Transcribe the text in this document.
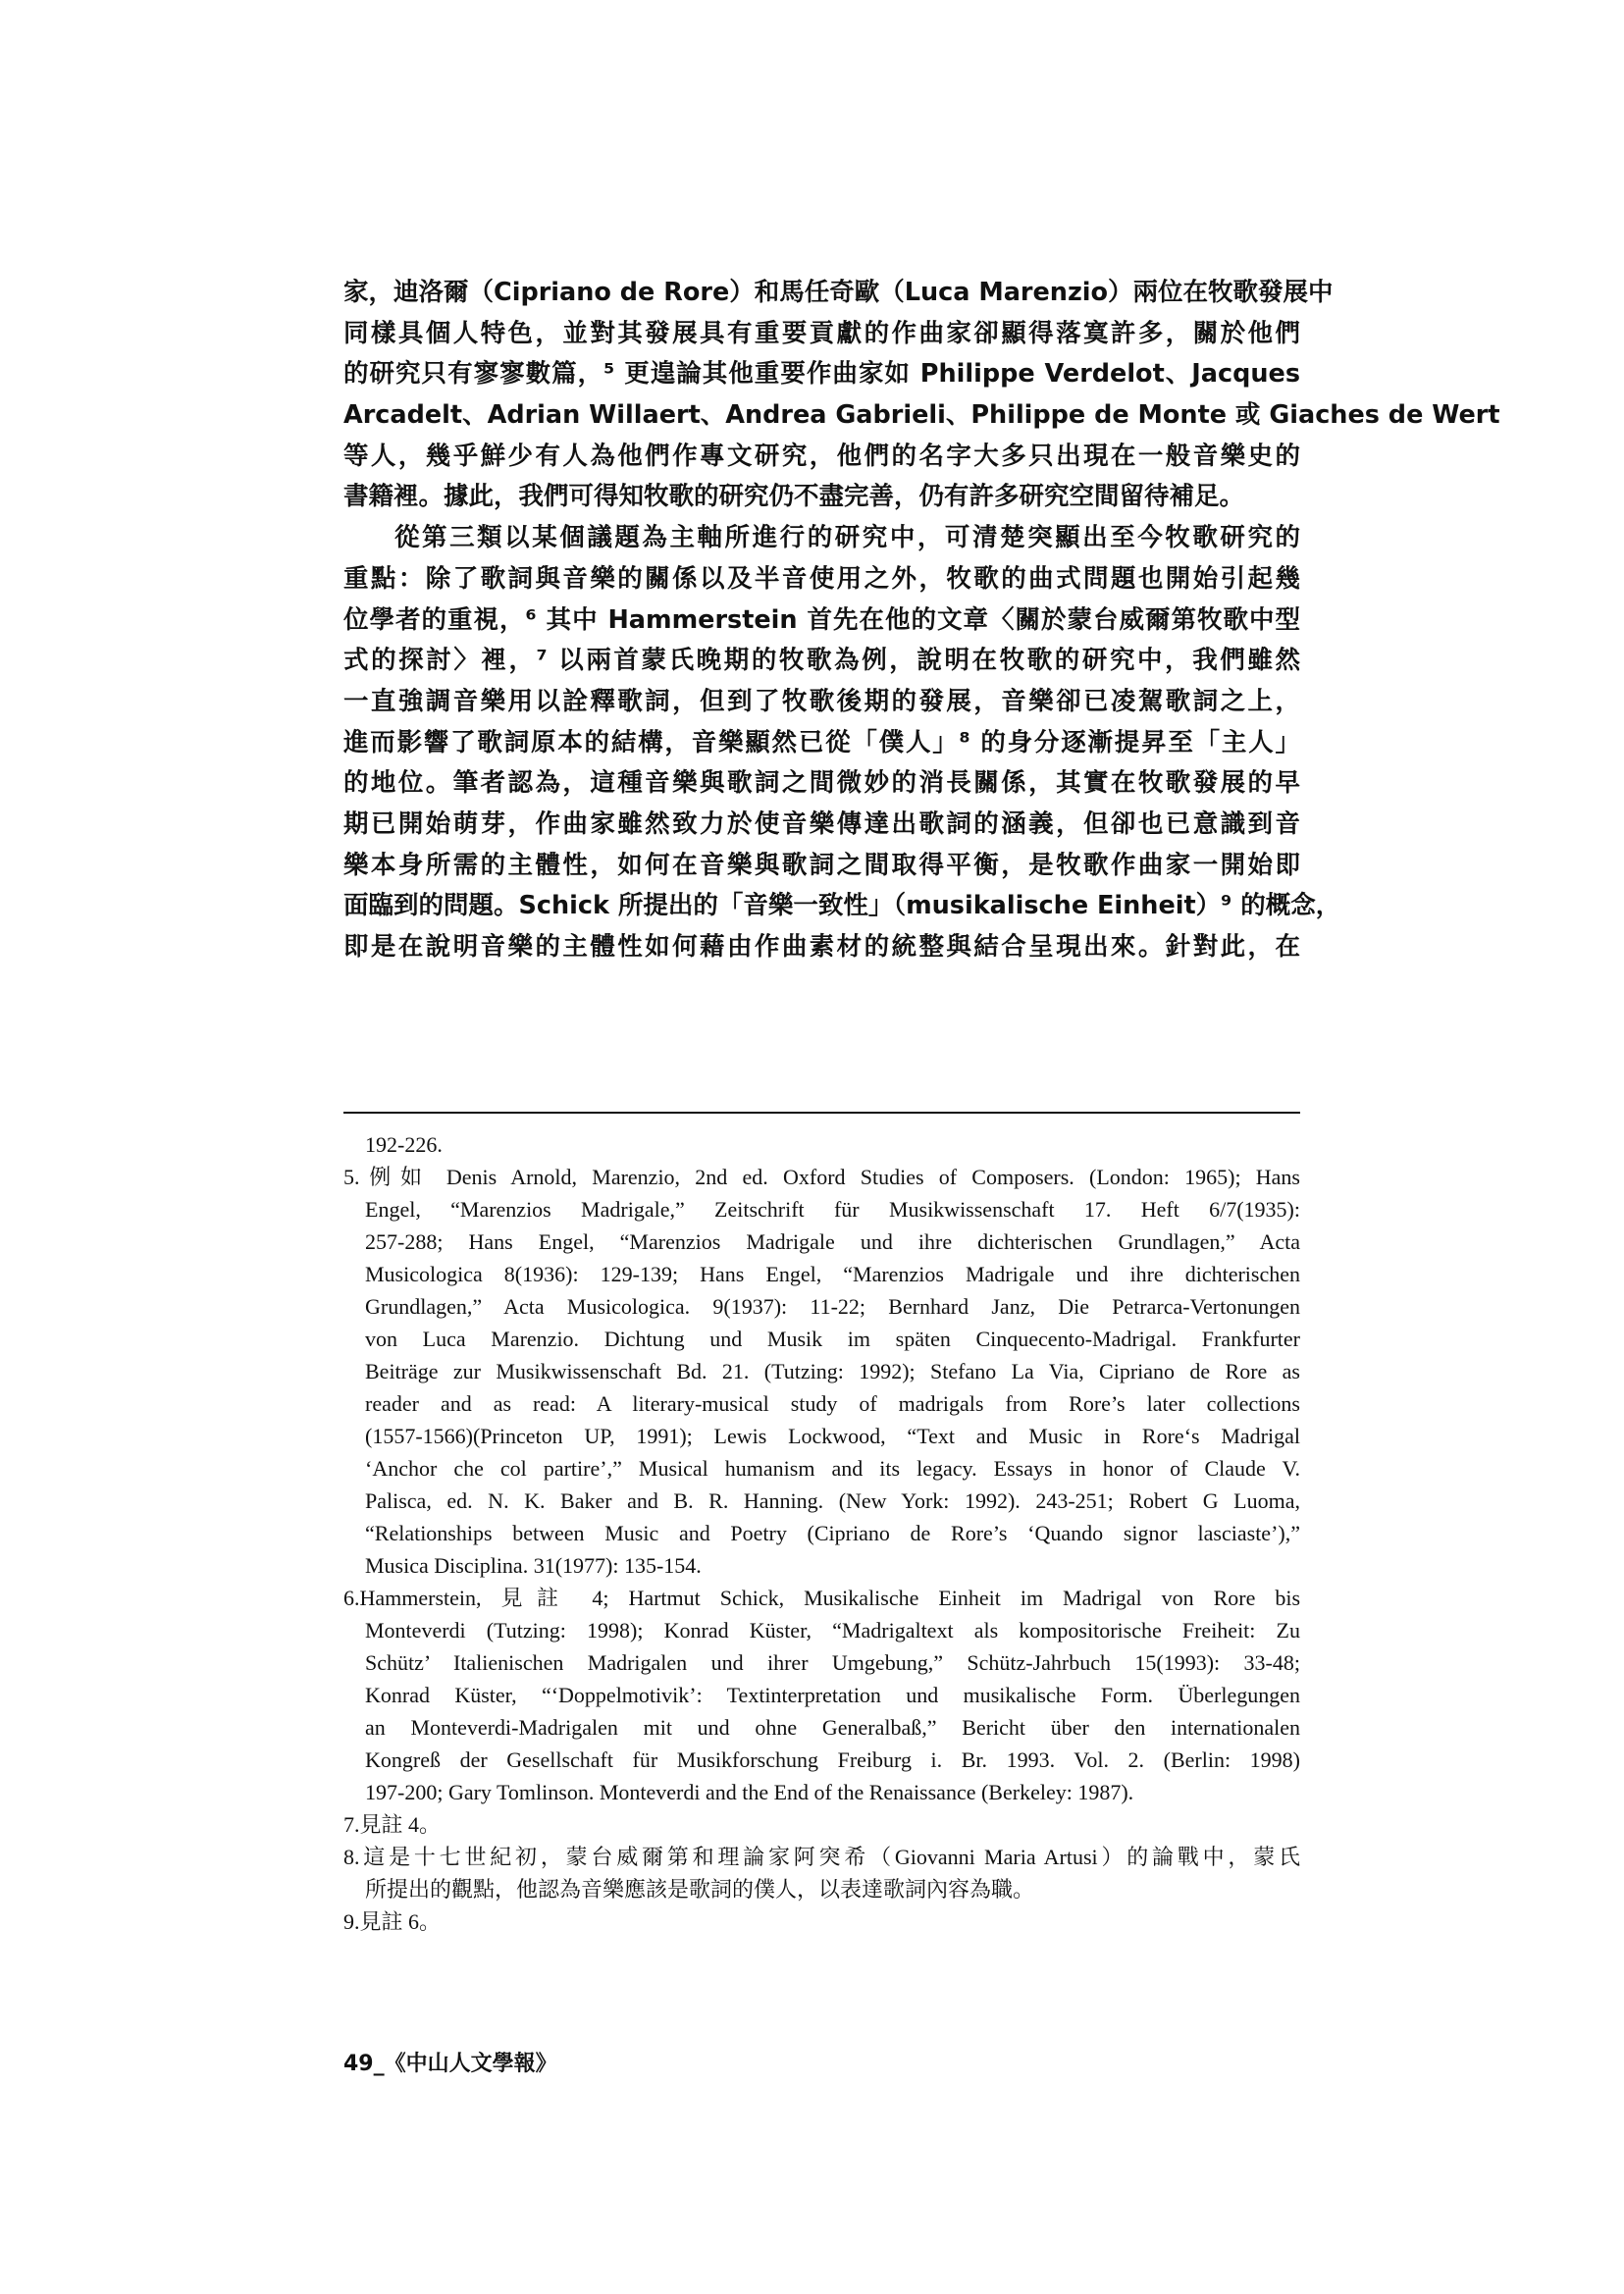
家，迪洛爾（Cipriano de Rore）和馬任奇歐（Luca Marenzio）兩位在牧歌發展中
同樣具個人特色，並對其發展具有重要貢獻的作曲家卻顯得落寞許多，關於他們
的研究只有寥寥數篇，⁵ 更遑論其他重要作曲家如 Philippe Verdelot、Jacques
Arcadelt、Adrian Willaert、Andrea Gabrieli、Philippe de Monte 或 Giaches de Wert
等人，幾乎鮮少有人為他們作專文研究，他們的名字大多只出現在一般音樂史的
書籍裡。據此，我們可得知牧歌的研究仍不盡完善，仍有許多研究空間留待補足。
從第三類以某個議題為主軸所進行的研究中，可清楚突顯出至今牧歌研究的
重點：除了歌詞與音樂的關係以及半音使用之外，牧歌的曲式問題也開始引起幾
位學者的重視，⁶ 其中 Hammerstein 首先在他的文章〈關於蒙台威爾第牧歌中型
式的探討〉裡，⁷ 以兩首蒙氏晚期的牧歌為例，說明在牧歌的研究中，我們雖然
一直強調音樂用以詮釋歌詞，但到了牧歌後期的發展，音樂卻已凌駕歌詞之上，
進而影響了歌詞原本的結構，音樂顯然已從「僕人」⁸ 的身分逐漸提昇至「主人」
的地位。筆者認為，這種音樂與歌詞之間微妙的消長關係，其實在牧歌發展的早
期已開始萌芽，作曲家雖然致力於使音樂傳達出歌詞的涵義，但卻也已意識到音
樂本身所需的主體性，如何在音樂與歌詞之間取得平衡，是牧歌作曲家一開始即
面臨到的問題。Schick 所提出的「音樂一致性」（musikalische Einheit）⁹ 的概念，
即是在說明音樂的主體性如何藉由作曲素材的統整與結合呈現出來。針對此，在
192-226.
5.例如 Denis Arnold, Marenzio, 2nd ed. Oxford Studies of Composers. (London: 1965); Hans
Engel, “Marenzios Madrigale,” Zeitschrift für Musikwissenschaft 17. Heft 6/7(1935):
257-288; Hans Engel, “Marenzios Madrigale und ihre dichterischen Grundlagen,” Acta
Musicologica 8(1936): 129-139; Hans Engel, “Marenzios Madrigale und ihre dichterischen
Grundlagen,” Acta Musicologica. 9(1937): 11-22; Bernhard Janz, Die Petrarca-Vertonungen
von Luca Marenzio. Dichtung und Musik im späten Cinquecento-Madrigal. Frankfurter
Beiträge zur Musikwissenschaft Bd. 21. (Tutzing: 1992); Stefano La Via, Cipriano de Rore as
reader and as read: A literary-musical study of madrigals from Rore’s later collections
(1557-1566)(Princeton UP, 1991); Lewis Lockwood, “Text and Music in Rore‘s Madrigal
‘Anchor che col partire’,” Musical humanism and its legacy. Essays in honor of Claude V.
Palisca, ed. N. K. Baker and B. R. Hanning. (New York: 1992). 243-251; Robert G Luoma,
“Relationships between Music and Poetry (Cipriano de Rore’s ‘Quando signor lasciaste’),”
Musica Disciplina. 31(1977): 135-154.
6.Hammerstein, 見註 4; Hartmut Schick, Musikalische Einheit im Madrigal von Rore bis
Monteverdi (Tutzing: 1998); Konrad Küster, “Madrigaltext als kompositorische Freiheit: Zu
Schütz’ Italienischen Madrigalen und ihrer Umgebung,” Schütz-Jahrbuch 15(1993): 33-48;
Konrad Küster, “‘Doppelmotivik’: Textinterpretation und musikalische Form. Überlegungen
an Monteverdi-Madrigalen mit und ohne Generalbaß,” Bericht über den internationalen
Kongreß der Gesellschaft für Musikforschung Freiburg i. Br. 1993. Vol. 2. (Berlin: 1998)
197-200; Gary Tomlinson. Monteverdi and the End of the Renaissance (Berkeley: 1987).
7.見註 4。
8.這是十七世紀初，蒙台威爾第和理論家阿突希（Giovanni Maria Artusi）的論戰中，蒙氏
所提出的觀點，他認為音樂應該是歌詞的僕人，以表達歌詞內容為職。
9.見註 6。
49_《中山人文學報》
